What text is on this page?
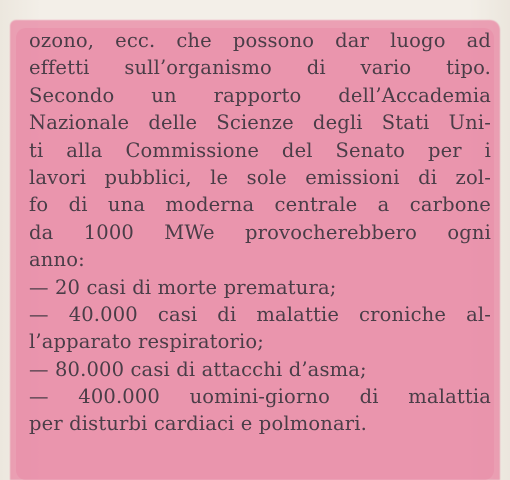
ozono, ecc. che possono dar luogo ad
effetti sull’organismo di vario tipo.
Secondo un rapporto dell’Accademia
Nazionale delle Scienze degli Stati Uni-
ti alla Commissione del Senato per i
lavori pubblici, le sole emissioni di zol-
fo di una moderna centrale a carbone
da 1000 MWe provocherebbero ogni
anno:
— 20 casi di morte prematura;
— 40.000 casi di malattie croniche al-
l’apparato respiratorio;
— 80.000 casi di attacchi d’asma;
— 400.000 uomini-giorno di malattia
per disturbi cardiaci e polmonari.
